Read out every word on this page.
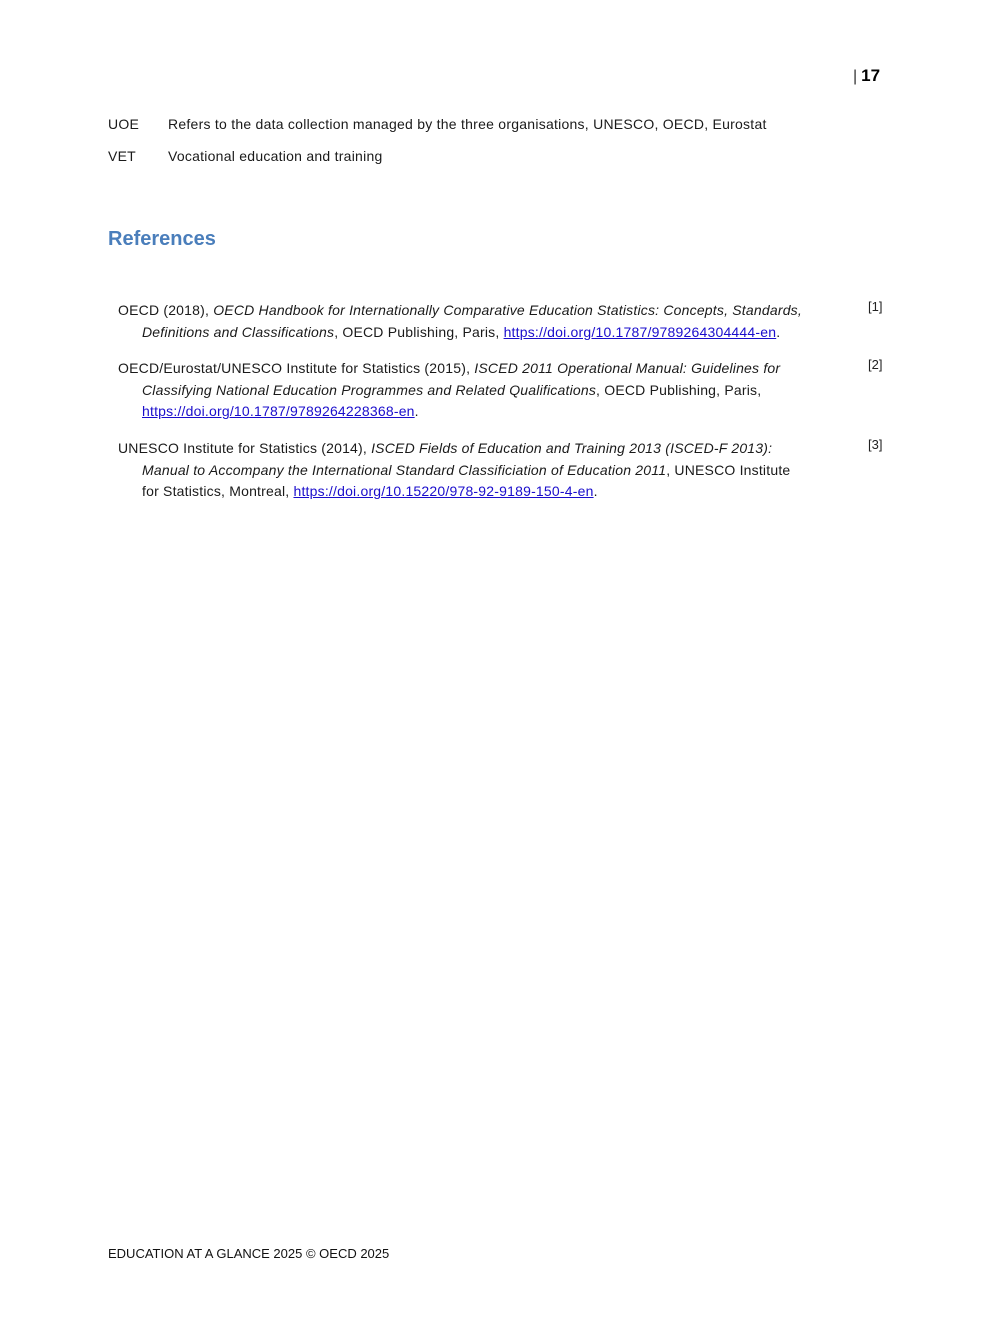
| 17
UOE Refers to the data collection managed by the three organisations, UNESCO, OECD, Eurostat
VET Vocational education and training
References
OECD (2018), OECD Handbook for Internationally Comparative Education Statistics: Concepts, Standards,
Definitions and Classifications, OECD Publishing, Paris, https://doi.org/10.1787/9789264304444-en.
[1]
OECD/Eurostat/UNESCO Institute for Statistics (2015), ISCED 2011 Operational Manual: Guidelines for
Classifying National Education Programmes and Related Qualifications, OECD Publishing, Paris,
https://doi.org/10.1787/9789264228368-en.
[2]
UNESCO Institute for Statistics (2014), ISCED Fields of Education and Training 2013 (ISCED-F 2013):
Manual to Accompany the International Standard Classificiation of Education 2011, UNESCO Institute
for Statistics, Montreal, https://doi.org/10.15220/978-92-9189-150-4-en.
[3]
EDUCATION AT A GLANCE 2025 © OECD 2025
